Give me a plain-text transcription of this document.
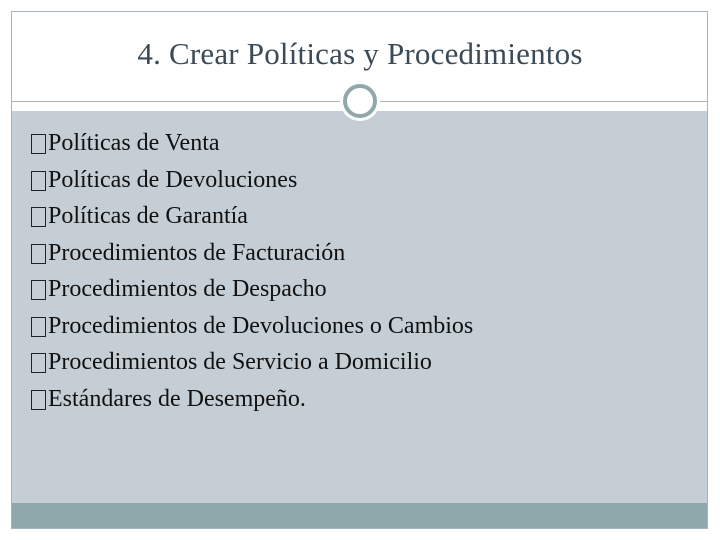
4. Crear Políticas y Procedimientos
Políticas de Venta
Políticas de Devoluciones
Políticas de Garantía
Procedimientos de Facturación
Procedimientos de Despacho
Procedimientos de Devoluciones o Cambios
Procedimientos de Servicio a Domicilio
Estándares de Desempeño.
